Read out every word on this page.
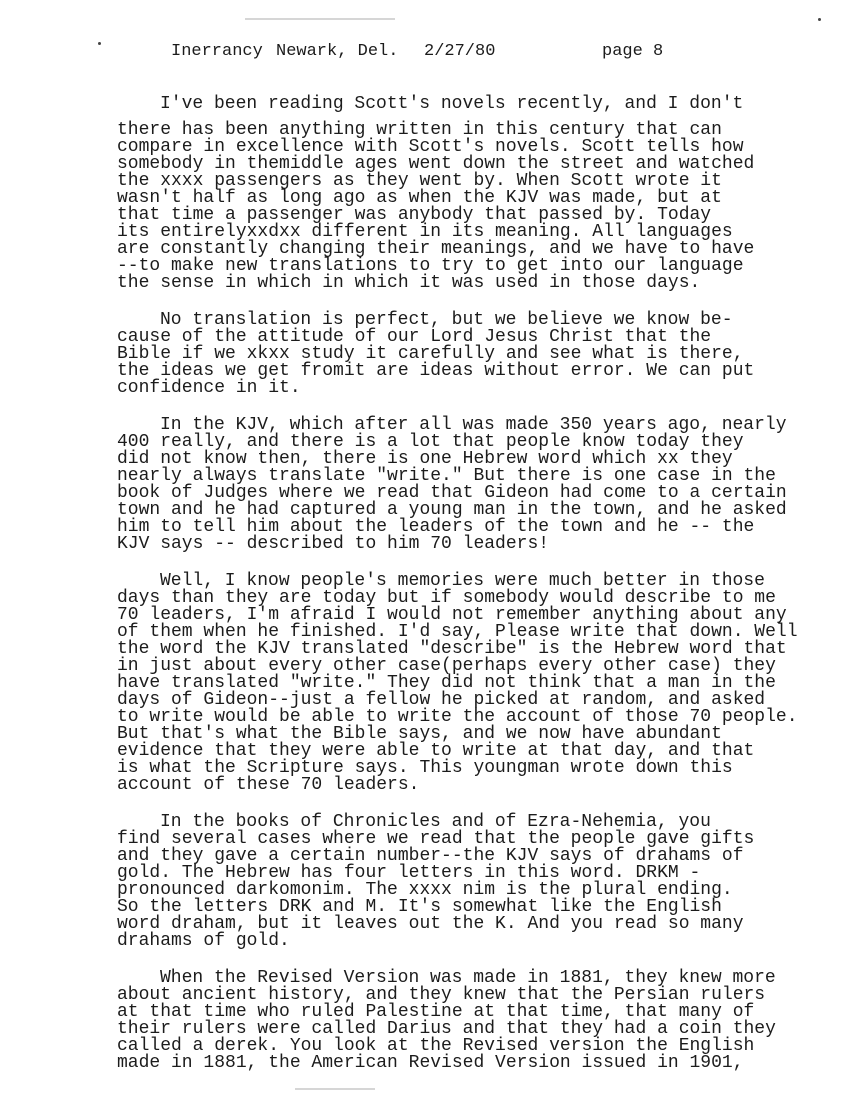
Inerrancy

Newark, Del.

2/27/80

	page 8

I've been reading Scott's novels recently, and I don't
there has been anything written in this century that can
compare in excellence with Scott's novels. Scott tells how
somebody in themiddle ages went down the street and watched
the xxxx passengers as they went by. When Scott wrote it
wasn't half as long ago as when the KJV was made, but at
that time a passenger was anybody that passed by. Today
its entirelyxxdxx different in its meaning. All languages
are constantly changing their meanings, and we have to have
--to make new translations to try to get into our language
the sense in which in which it was used in those days.
No translation is perfect, but we believe we know be-
cause of the attitude of our Lord Jesus Christ that the
Bible if we xkxx study it carefully and see what is there,
the ideas we get fromit are ideas without error. We can put
confidence in it.
In the KJV, which after all was made 350 years ago, nearly
400 really, and there is a lot that people know today they
did not know then, there is one Hebrew word which xx they
nearly always translate "write." But there is one case in the
book of Judges where we read that Gideon had come to a certain
town and he had captured a young man in the town, and he asked
him to tell him about the leaders of the town and he -- the
KJV says -- described to him 70 leaders!
Well, I know people's memories were much better in those
days than they are today but if somebody would describe to me
70 leaders, I'm afraid I would not remember anything about any
of them when he finished. I'd say, Please write that down. Well
the word the KJV translated "describe" is the Hebrew word that
in just about every other case(perhaps every other case) they
have translated "write." They did not think that a man in the
days of Gideon--just a fellow he picked at random, and asked
to write would be able to write the account of those 70 people.
But that's what the Bible says, and we now have abundant
evidence that they were able to write at that day, and that
is what the Scripture says. This youngman wrote down this
account of these 70 leaders.
In the books of Chronicles and of Ezra-Nehemia, you
find several cases where we read that the people gave gifts
and they gave a certain number--the KJV says of drahams of
gold. The Hebrew has four letters in this word. DRKM -
pronounced darkomonim. The xxxx nim is the plural ending.
So the letters DRK and M. It's somewhat like the English
word draham, but it leaves out the K. And you read so many
drahams of gold.
When the Revised Version was made in 1881, they knew more
about ancient history, and they knew that the Persian rulers
at that time who ruled Palestine at that time, that many of
their rulers were called Darius and that they had a coin they
called a derek. You look at the Revised version the English
made in 1881, the American Revised Version issued in 1901,
